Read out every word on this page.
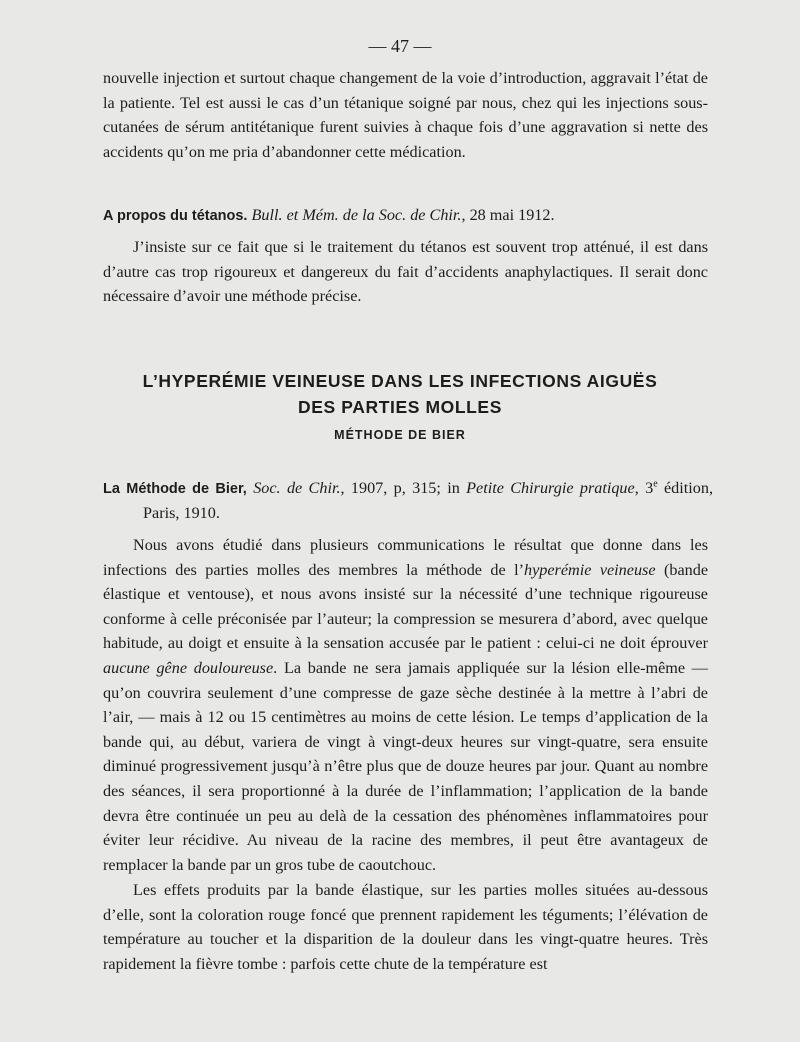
— 47 —

nouvelle injection et surtout chaque changement de la voie d’introduction, aggravait l’état de la patiente. Tel est aussi le cas d’un tétanique soigné par nous, chez qui les injections sous-cutanées de sérum antitétanique furent suivies à chaque fois d’une aggravation si nette des accidents qu’on me pria d’abandonner cette médication.

A propos du tétanos. Bull. et Mém. de la Soc. de Chir., 28 mai 1912.

J’insiste sur ce fait que si le traitement du tétanos est souvent trop atténué, il est dans d’autre cas trop rigoureux et dangereux du fait d’accidents anaphylactiques. Il serait donc nécessaire d’avoir une méthode précise.

L’HYPERÉMIE VEINEUSE DANS LES INFECTIONS AIGUËS
DES PARTIES MOLLES
MÉTHODE DE BIER

La Méthode de Bier, Soc. de Chir., 1907, p, 315; in Petite Chirurgie pratique, 3e édition, Paris, 1910.

Nous avons étudié dans plusieurs communications le résultat que donne dans les infections des parties molles des membres la méthode de l’hyperémie veineuse (bande élastique et ventouse), et nous avons insisté sur la nécessité d’une technique rigoureuse conforme à celle préconisée par l’auteur; la compression se mesurera d’abord, avec quelque habitude, au doigt et ensuite à la sensation accusée par le patient : celui-ci ne doit éprouver aucune gêne douloureuse. La bande ne sera jamais appliquée sur la lésion elle-même — qu’on couvrira seulement d’une compresse de gaze sèche destinée à la mettre à l’abri de l’air, — mais à 12 ou 15 centimètres au moins de cette lésion. Le temps d’application de la bande qui, au début, variera de vingt à vingt-deux heures sur vingt-quatre, sera ensuite diminué progressivement jusqu’à n’être plus que de douze heures par jour. Quant au nombre des séances, il sera proportionné à la durée de l’inflammation; l’application de la bande devra être continuée un peu au delà de la cessation des phénomènes inflammatoires pour éviter leur récidive. Au niveau de la racine des membres, il peut être avantageux de remplacer la bande par un gros tube de caoutchouc.

Les effets produits par la bande élastique, sur les parties molles situées au-dessous d’elle, sont la coloration rouge foncé que prennent rapidement les téguments; l’élévation de température au toucher et la disparition de la douleur dans les vingt-quatre heures. Très rapidement la fièvre tombe : parfois cette chute de la température est
